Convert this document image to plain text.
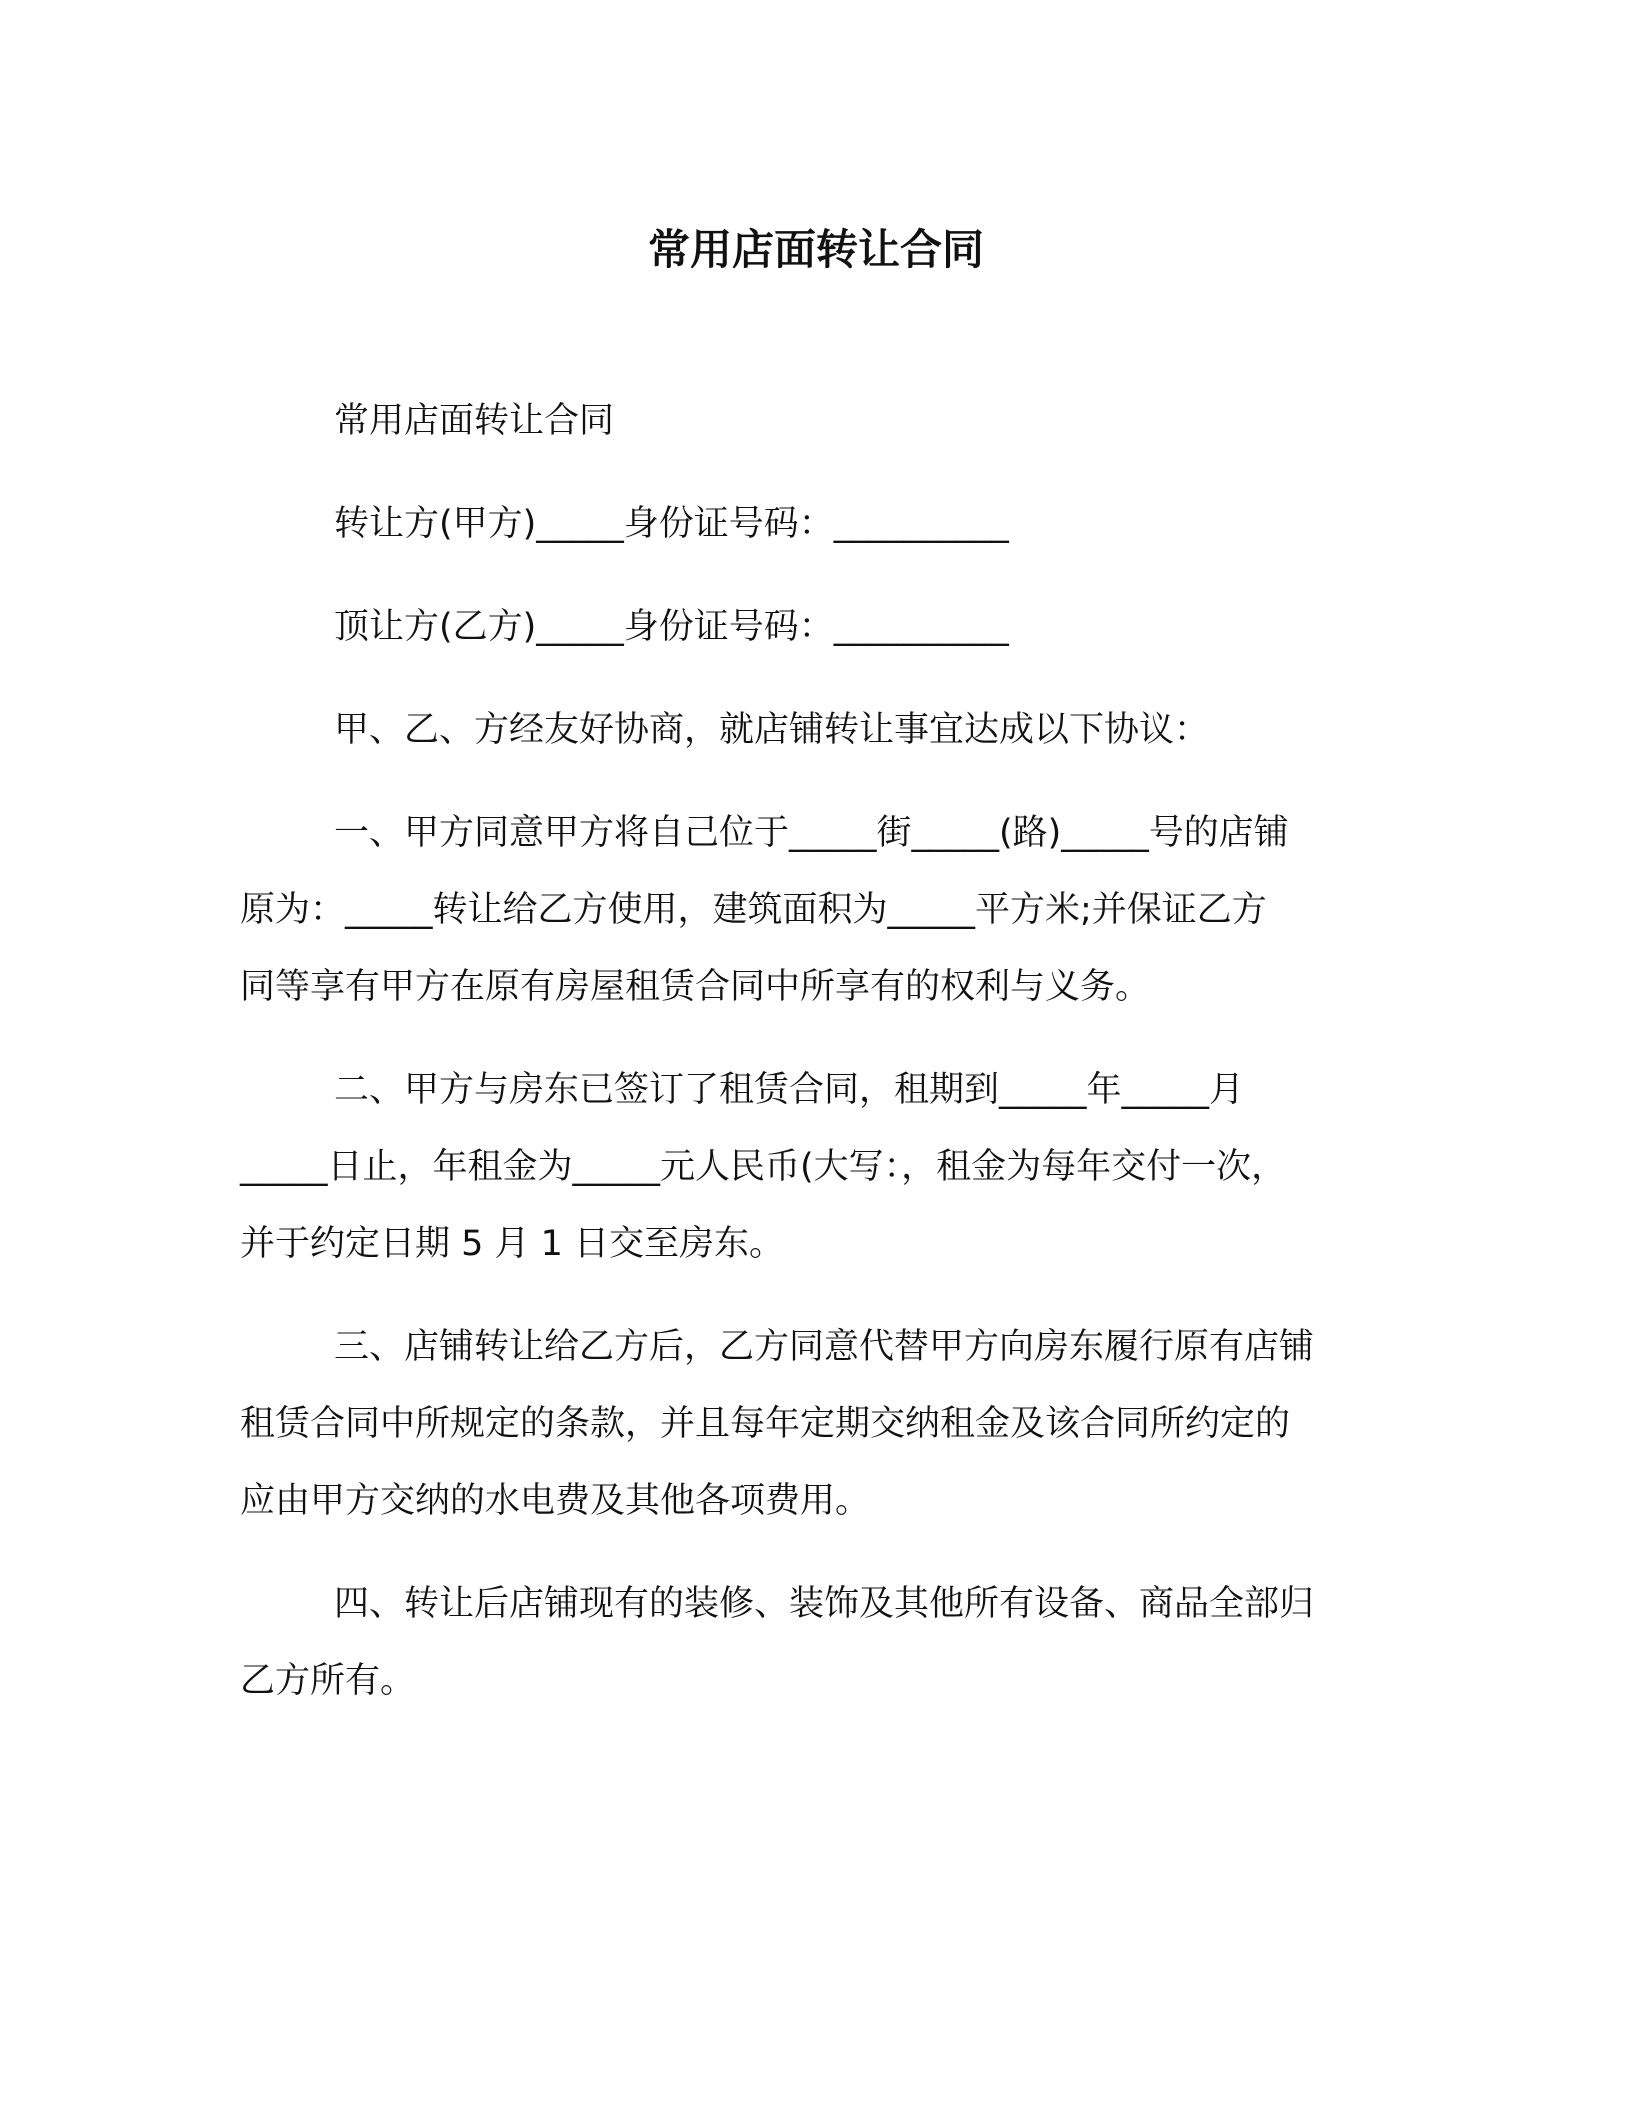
常用店面转让合同

常用店面转让合同

转让方(甲方)_____身份证号码：__________

顶让方(乙方)_____身份证号码：__________

甲、乙、方经友好协商，就店铺转让事宜达成以下协议：

一、甲方同意甲方将自己位于_____街_____(路)_____号的店铺
原为：_____转让给乙方使用，建筑面积为_____平方米;并保证乙方
同等享有甲方在原有房屋租赁合同中所享有的权利与义务。

二、甲方与房东已签订了租赁合同，租期到_____年_____月
_____日止，年租金为_____元人民币(大写：，租金为每年交付一次，
并于约定日期 5 月 1 日交至房东。

三、店铺转让给乙方后，乙方同意代替甲方向房东履行原有店铺
租赁合同中所规定的条款，并且每年定期交纳租金及该合同所约定的
应由甲方交纳的水电费及其他各项费用。

四、转让后店铺现有的装修、装饰及其他所有设备、商品全部归
乙方所有。
